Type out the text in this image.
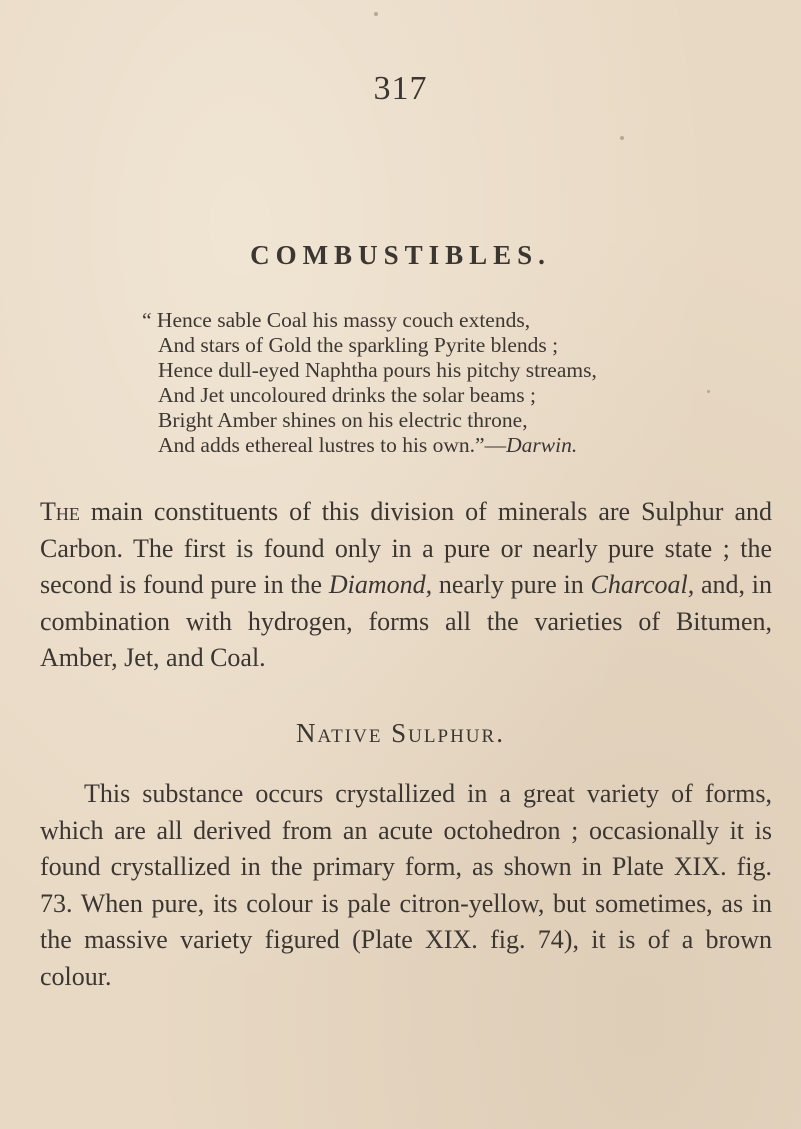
317
COMBUSTIBLES.
“ Hence sable Coal his massy couch extends,
And stars of Gold the sparkling Pyrite blends ;
Hence dull-eyed Naphtha pours his pitchy streams,
And Jet uncoloured drinks the solar beams ;
Bright Amber shines on his electric throne,
And adds ethereal lustres to his own.”—Darwin.
The main constituents of this division of minerals are Sulphur and Carbon. The first is found only in a pure or nearly pure state ; the second is found pure in the Diamond, nearly pure in Charcoal, and, in combination with hydrogen, forms all the varieties of Bitumen, Amber, Jet, and Coal.
Native Sulphur.
This substance occurs crystallized in a great variety of forms, which are all derived from an acute octohedron ; occasionally it is found crystallized in the primary form, as shown in Plate XIX. fig. 73. When pure, its colour is pale citron-yellow, but sometimes, as in the massive variety figured (Plate XIX. fig. 74), it is of a brown colour.
